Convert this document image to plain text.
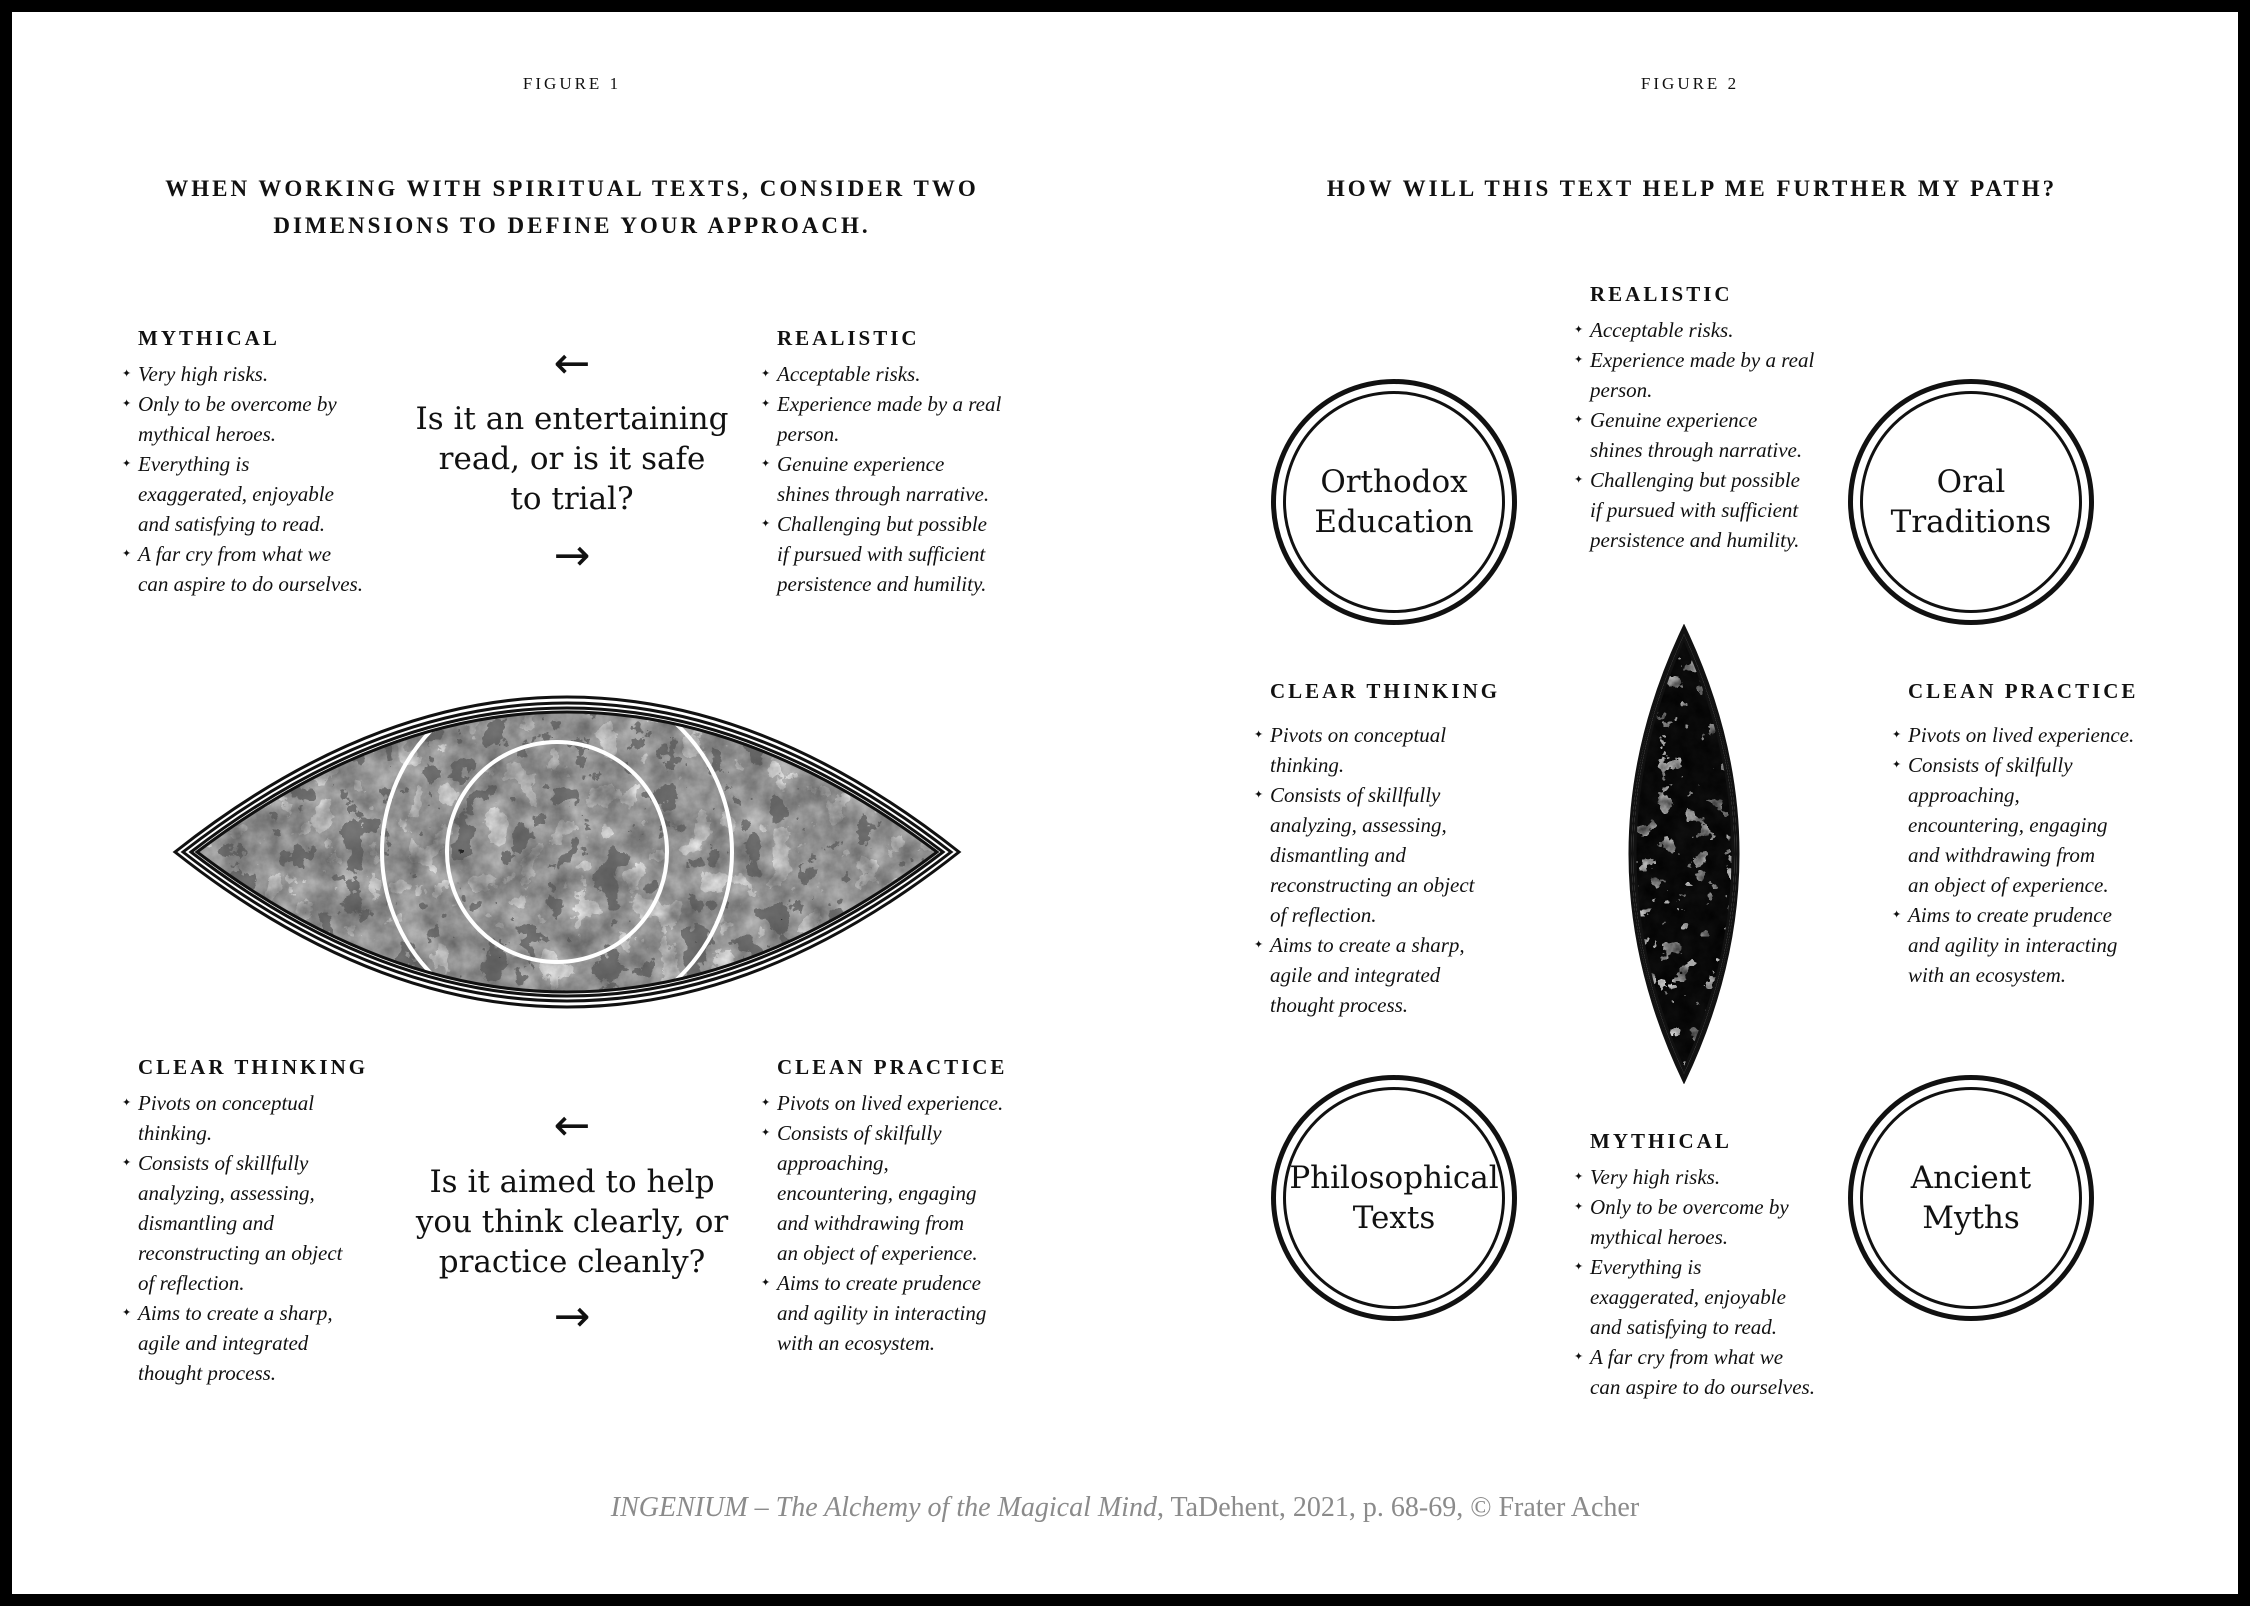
FIGURE 1
WHEN WORKING WITH SPIRITUAL TEXTS, CONSIDER TWO
DIMENSIONS TO DEFINE YOUR APPROACH.
MYTHICAL
✦ Very high risks.
✦ Only to be overcome by
mythical heroes.
✦ Everything is
exaggerated, enjoyable
and satisfying to read.
✦ A far cry from what we
can aspire to do ourselves.
REALISTIC
✦ Acceptable risks.
✦ Experience made by a real
person.
✦ Genuine experience
shines through narrative.
✦ Challenging but possible
if pursued with sufficient
persistence and humility.
←
Is it an entertaining
read, or is it safe
to trial?
→
CLEAR THINKING
✦ Pivots on conceptual
thinking.
✦ Consists of skillfully
analyzing, assessing,
dismantling and
reconstructing an object
of reflection.
✦ Aims to create a sharp,
agile and integrated
thought process.
CLEAN PRACTICE
✦ Pivots on lived experience.
✦ Consists of skilfully
approaching,
encountering, engaging
and withdrawing from
an object of experience.
✦ Aims to create prudence
and agility in interacting
with an ecosystem.
←
Is it aimed to help
you think clearly, or
practice cleanly?
→
FIGURE 2
HOW WILL THIS TEXT HELP ME FURTHER MY PATH?
REALISTIC
✦ Acceptable risks.
✦ Experience made by a real
person.
✦ Genuine experience
shines through narrative.
✦ Challenging but possible
if pursued with sufficient
persistence and humility.
Orthodox
Education
Oral
Traditions
Philosophical
Texts
Ancient
Myths
CLEAR THINKING
✦ Pivots on conceptual
thinking.
✦ Consists of skillfully
analyzing, assessing,
dismantling and
reconstructing an object
of reflection.
✦ Aims to create a sharp,
agile and integrated
thought process.
CLEAN PRACTICE
✦ Pivots on lived experience.
✦ Consists of skilfully
approaching,
encountering, engaging
and withdrawing from
an object of experience.
✦ Aims to create prudence
and agility in interacting
with an ecosystem.
MYTHICAL
✦ Very high risks.
✦ Only to be overcome by
mythical heroes.
✦ Everything is
exaggerated, enjoyable
and satisfying to read.
✦ A far cry from what we
can aspire to do ourselves.
INGENIUM – The Alchemy of the Magical Mind, TaDehent, 2021, p. 68-69, © Frater Acher
